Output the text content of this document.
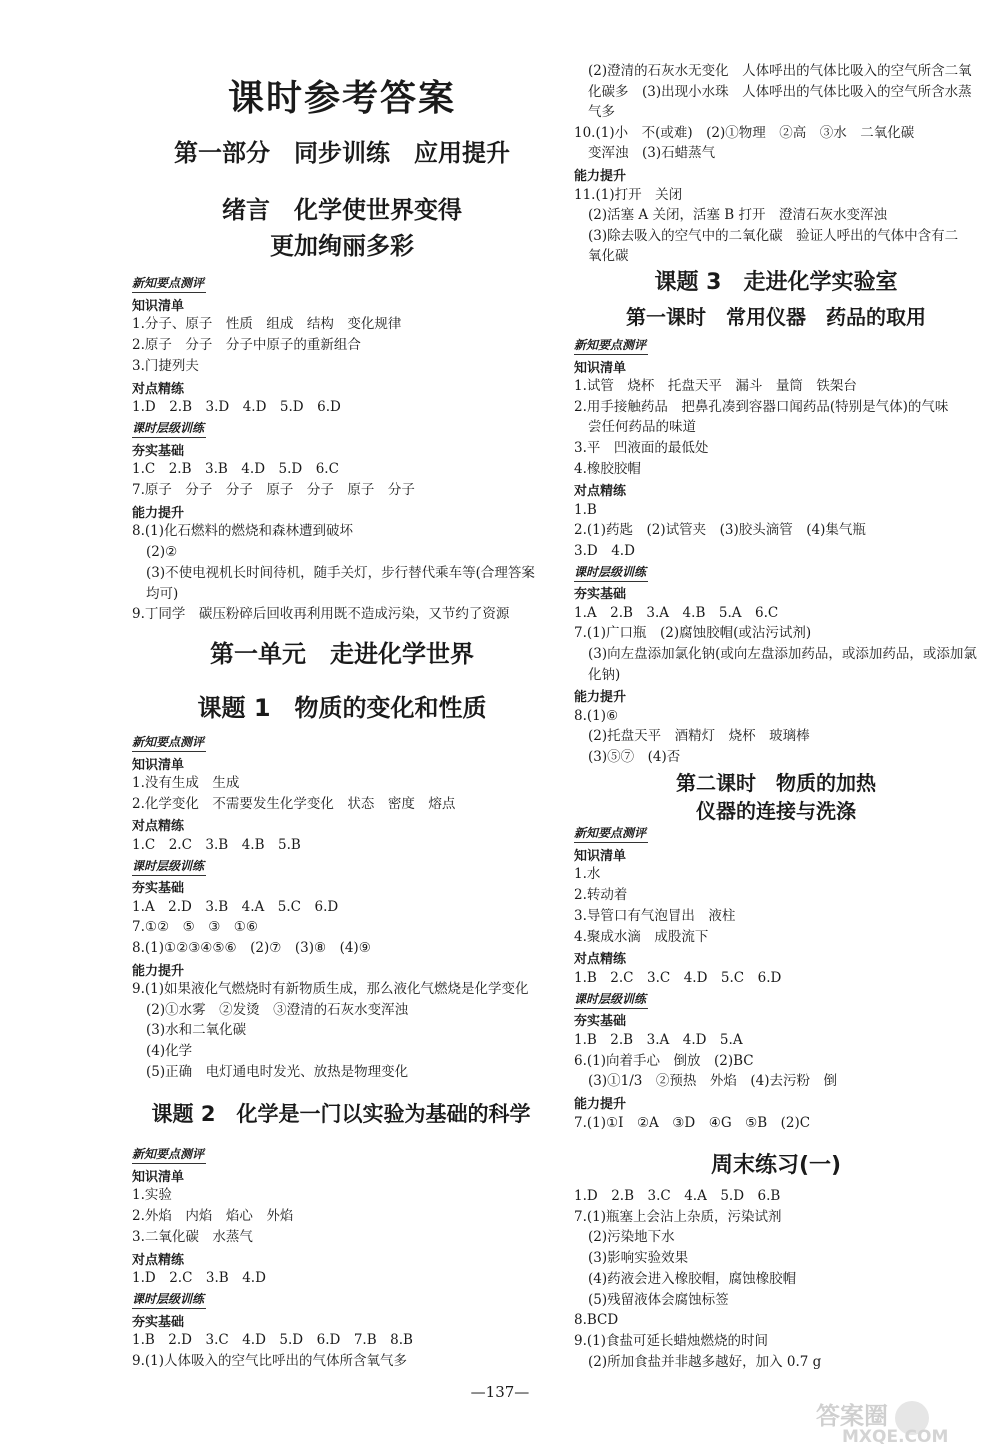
课时参考答案
第一部分　同步训练　应用提升
绪言　化学使世界变得
更加绚丽多彩
新知要点测评
知识清单
1.分子、原子　性质　组成　结构　变化规律
2.原子　分子　分子中原子的重新组合
3.门捷列夫
对点精练
1.D　2.B　3.D　4.D　5.D　6.D
课时层级训练
夯实基础
1.C　2.B　3.B　4.D　5.D　6.C
7.原子　分子　分子　原子　分子　原子　分子
能力提升
8.(1)化石燃料的燃烧和森林遭到破坏
(2)②
(3)不使电视机长时间待机，随手关灯，步行替代乘车等(合理答案
均可)
9.丁同学　碳压粉碎后回收再利用既不造成污染，又节约了资源
第一单元　走进化学世界
课题 1　物质的变化和性质
新知要点测评
知识清单
1.没有生成　生成
2.化学变化　不需要发生化学变化　状态　密度　熔点
对点精练
1.C　2.C　3.B　4.B　5.B
课时层级训练
夯实基础
1.A　2.D　3.B　4.A　5.C　6.D
7.①②　⑤　③　①⑥
8.(1)①②③④⑤⑥　(2)⑦　(3)⑧　(4)⑨
能力提升
9.(1)如果液化气燃烧时有新物质生成，那么液化气燃烧是化学变化
(2)①水雾　②发烫　③澄清的石灰水变浑浊
(3)水和二氧化碳
(4)化学
(5)正确　电灯通电时发光、放热是物理变化
课题 2　化学是一门以实验为基础的科学
新知要点测评
知识清单
1.实验
2.外焰　内焰　焰心　外焰
3.二氧化碳　水蒸气
对点精练
1.D　2.C　3.B　4.D
课时层级训练
夯实基础
1.B　2.D　3.C　4.D　5.D　6.D　7.B　8.B
9.(1)人体吸入的空气比呼出的气体所含氧气多
(2)澄清的石灰水无变化　人体呼出的气体比吸入的空气所含二氧
化碳多　(3)出现小水珠　人体呼出的气体比吸入的空气所含水蒸
气多
10.(1)小　不(或难)　(2)①物理　②高　③水　二氧化碳
变浑浊　(3)石蜡蒸气
能力提升
11.(1)打开　关闭
(2)活塞 A 关闭，活塞 B 打开　澄清石灰水变浑浊
(3)除去吸入的空气中的二氧化碳　验证人呼出的气体中含有二
氧化碳
课题 3　走进化学实验室
第一课时　常用仪器　药品的取用
新知要点测评
知识清单
1.试管　烧杯　托盘天平　漏斗　量筒　铁架台
2.用手接触药品　把鼻孔凑到容器口闻药品(特别是气体)的气味
尝任何药品的味道
3.平　凹液面的最低处
4.橡胶胶帽
对点精练
1.B
2.(1)药匙　(2)试管夹　(3)胶头滴管　(4)集气瓶
3.D　4.D
课时层级训练
夯实基础
1.A　2.B　3.A　4.B　5.A　6.C
7.(1)广口瓶　(2)腐蚀胶帽(或沾污试剂)
(3)向左盘添加氯化钠(或向左盘添加药品，或添加药品，或添加氯
化钠)
能力提升
8.(1)⑥
(2)托盘天平　酒精灯　烧杯　玻璃棒
(3)⑤⑦　(4)否
第二课时　物质的加热
仪器的连接与洗涤
新知要点测评
知识清单
1.水
2.转动着
3.导管口有气泡冒出　液柱
4.聚成水滴　成股流下
对点精练
1.B　2.C　3.C　4.D　5.C　6.D
课时层级训练
夯实基础
1.B　2.B　3.A　4.D　5.A
6.(1)向着手心　倒放　(2)BC
(3)①1/3　②预热　外焰　(4)去污粉　倒
能力提升
7.(1)①I　②A　③D　④G　⑤B　(2)C
周末练习(一)
1.D　2.B　3.C　4.A　5.D　6.B
7.(1)瓶塞上会沾上杂质，污染试剂
(2)污染地下水
(3)影响实验效果
(4)药液会进入橡胶帽，腐蚀橡胶帽
(5)残留液体会腐蚀标签
8.BCD
9.(1)食盐可延长蜡烛燃烧的时间
(2)所加食盐并非越多越好，加入 0.7 g
—137—
答案圈
MXQE.COM
